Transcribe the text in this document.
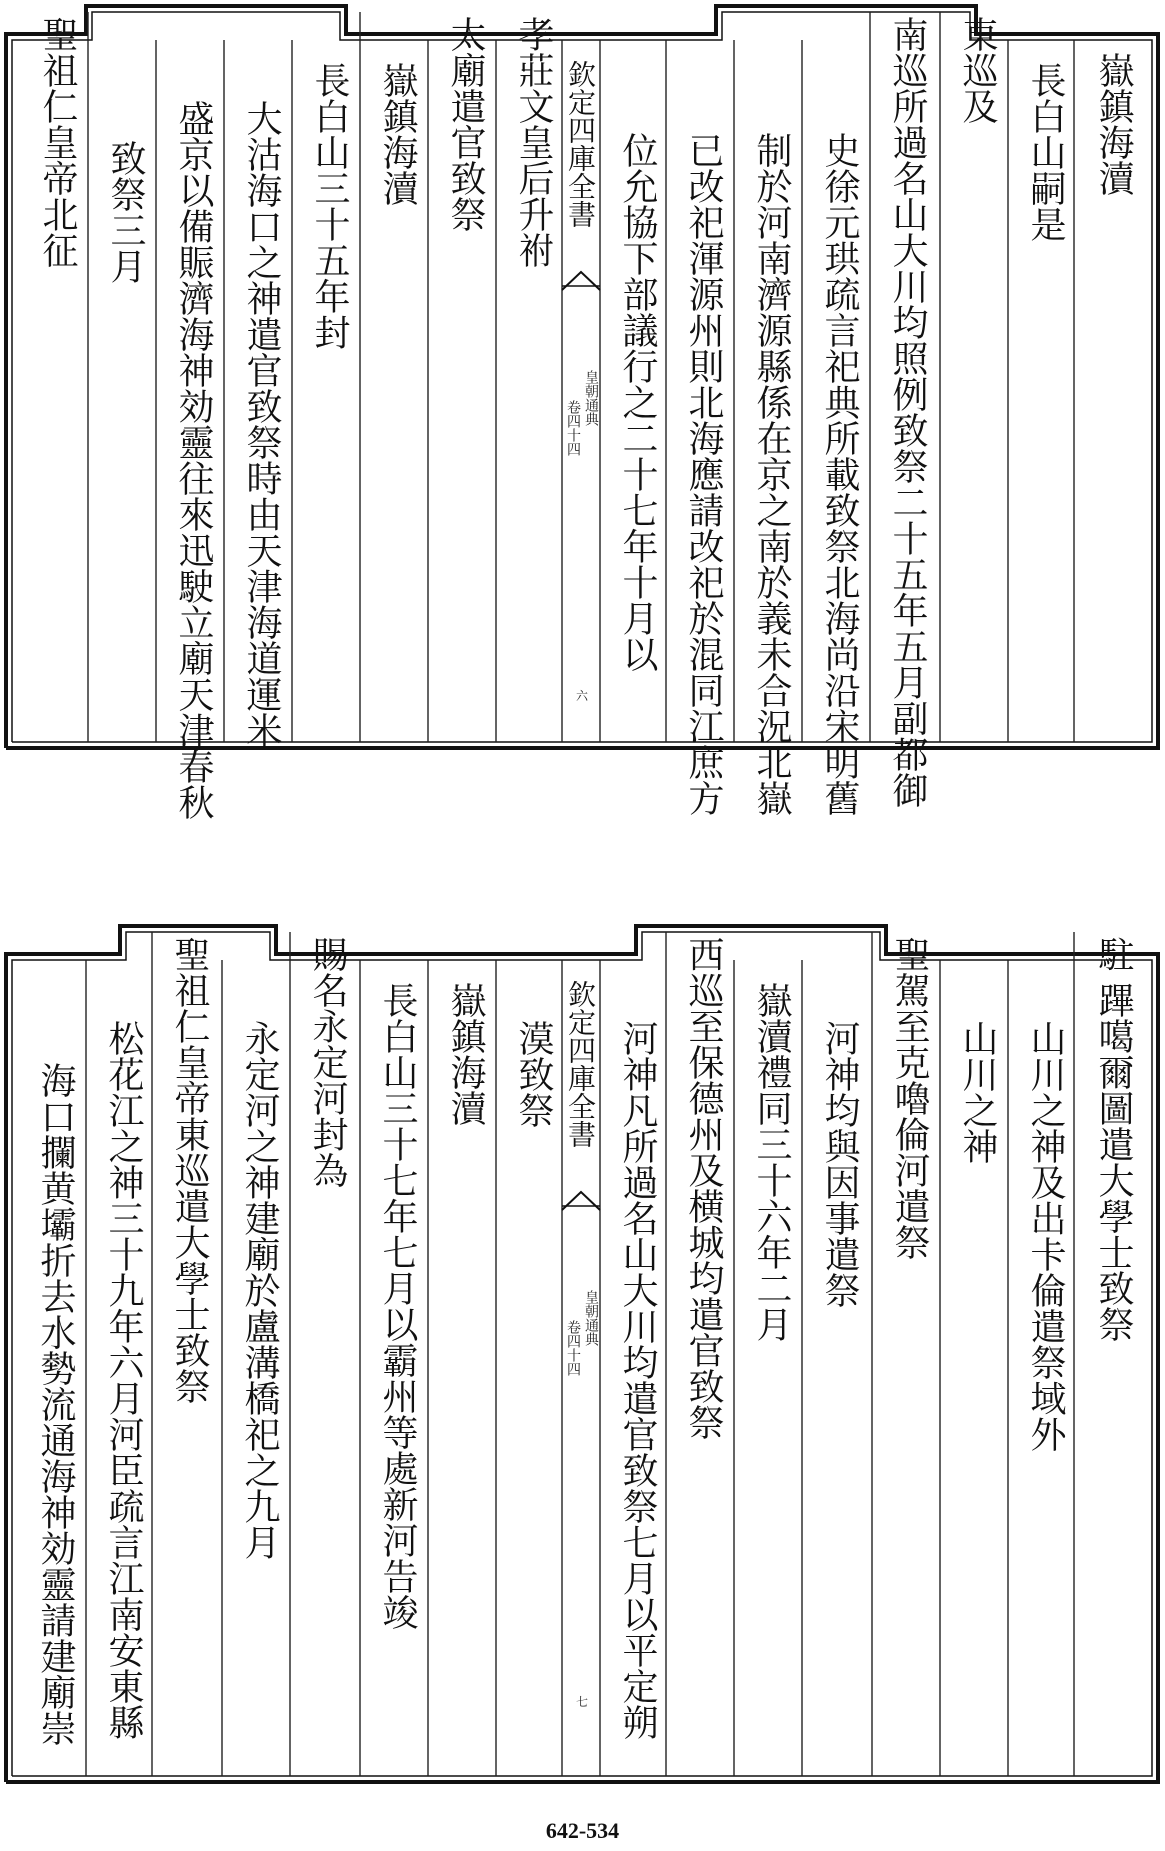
嶽鎮海瀆
長白山嗣是
東巡及
南巡所過名山大川均照例致祭二十五年五月副都御
史徐元珙疏言祀典所載致祭北海尚沿宋明舊
制於河南濟源縣係在京之南於義未合況北嶽
已改祀渾源州則北海應請改祀於混同江庶方
位允協下部議行之二十七年十月以
欽定四庫全書
皇朝通典
卷四十四
六
孝莊文皇后升祔
太廟遣官致祭
嶽鎮海瀆
長白山三十五年封
大沽海口之神遣官致祭時由天津海道運米
盛京以備賑濟海神効靈往來迅駛立廟天津春秋
致祭三月
聖祖仁皇帝北征
駐
蹕噶爾圖遣大學士致祭
山川之神及出卡倫遣祭域外
山川之神
聖駕至克嚕倫河遣祭
河神均與因事遣祭
嶽瀆禮同三十六年二月
西巡至保德州及横城均遣官致祭
河神凡所過名山大川均遣官致祭七月以平定朔
欽定四庫全書
皇朝通典
卷四十四
七
漠致祭
嶽鎮海瀆
長白山三十七年七月以霸州等處新河告竣
賜名永定河封為
永定河之神建廟於盧溝橋祀之九月
聖祖仁皇帝東巡遣大學士致祭
松花江之神三十九年六月河臣疏言江南安東縣
海口攔黄壩折去水勢流通海神効靈請建廟崇
642-534
